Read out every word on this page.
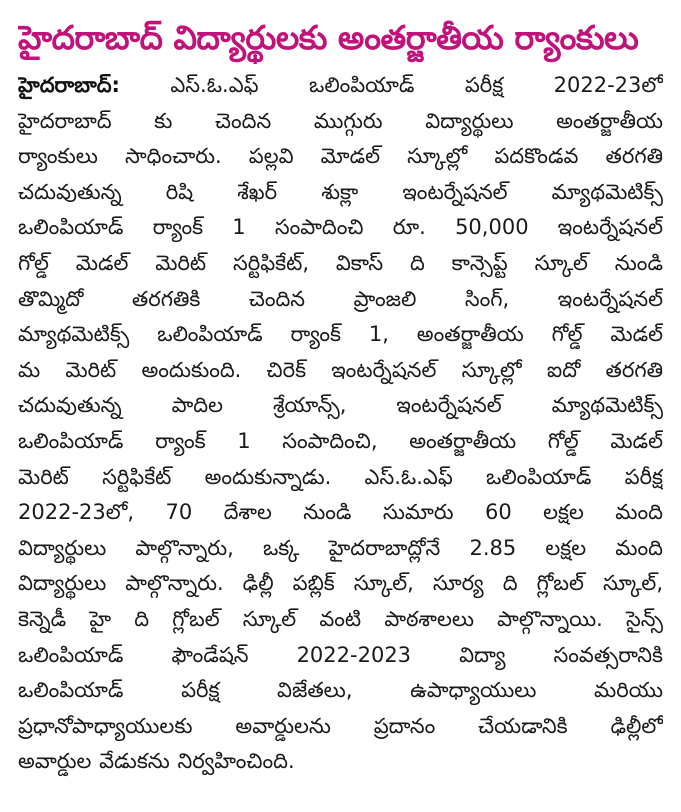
హైదరాబాద్ విద్యార్థులకు అంతర్జాతీయ ర్యాంకులు
హైదరాబాద్: ఎస్.ఓ.ఎఫ్ ఒలింపియాడ్ పరీక్ష 2022-23లో
హైదరాబాద్ కు చెందిన ముగ్గురు విద్యార్థులు అంతర్జాతీయ
ర్యాంకులు సాధించారు. పల్లవి మోడల్ స్కూల్లో పదకొండవ తరగతి
చదువుతున్న రిషి శేఖర్ శుక్లా ఇంటర్నేషనల్ మ్యాథమెటిక్స్
ఒలింపియాడ్ ర్యాంక్ 1 సంపాదించి రూ. 50,000 ఇంటర్నేషనల్
గోల్డ్ మెడల్ మెరిట్ సర్టిఫికేట్, వికాస్ ది కాన్సెప్ట్ స్కూల్ నుండి
తొమ్మిదో తరగతికి చెందిన ప్రాంజలి సింగ్, ఇంటర్నేషనల్
మ్యాథమెటిక్స్ ఒలింపియాడ్ ర్యాంక్ 1, అంతర్జాతీయ గోల్డ్ మెడల్
మ మెరిట్ అందుకుంది. చిరెక్ ఇంటర్నేషనల్ స్కూల్లో ఐదో తరగతి
చదువుతున్న పాదిల శ్రేయాన్స్, ఇంటర్నేషనల్ మ్యాథమెటిక్స్
ఒలింపియాడ్ ర్యాంక్ 1 సంపాదించి, అంతర్జాతీయ గోల్డ్ మెడల్
మెరిట్ సర్టిఫికేట్ అందుకున్నాడు. ఎస్.ఓ.ఎఫ్ ఒలింపియాడ్ పరీక్ష
2022-23లో, 70 దేశాల నుండి సుమారు 60 లక్షల మంది
విద్యార్థులు పాల్గొన్నారు, ఒక్క హైదరాబాద్లోనే 2.85 లక్షల మంది
విద్యార్థులు పాల్గొన్నారు. ఢిల్లీ పబ్లిక్ స్కూల్, సూర్య ది గ్లోబల్ స్కూల్,
కెన్నెడీ హై ది గ్లోబల్ స్కూల్ వంటి పాఠశాలలు పాల్గొన్నాయి. సైన్స్
ఒలింపియాడ్ ఫౌండేషన్ 2022-2023 విద్యా సంవత్సరానికి
ఒలింపియాడ్ పరీక్ష విజేతలు, ఉపాధ్యాయులు మరియు
ప్రధానోపాధ్యాయులకు అవార్డులను ప్రదానం చేయడానికి ఢిల్లీలో
అవార్డుల వేడుకను నిర్వహించింది.
